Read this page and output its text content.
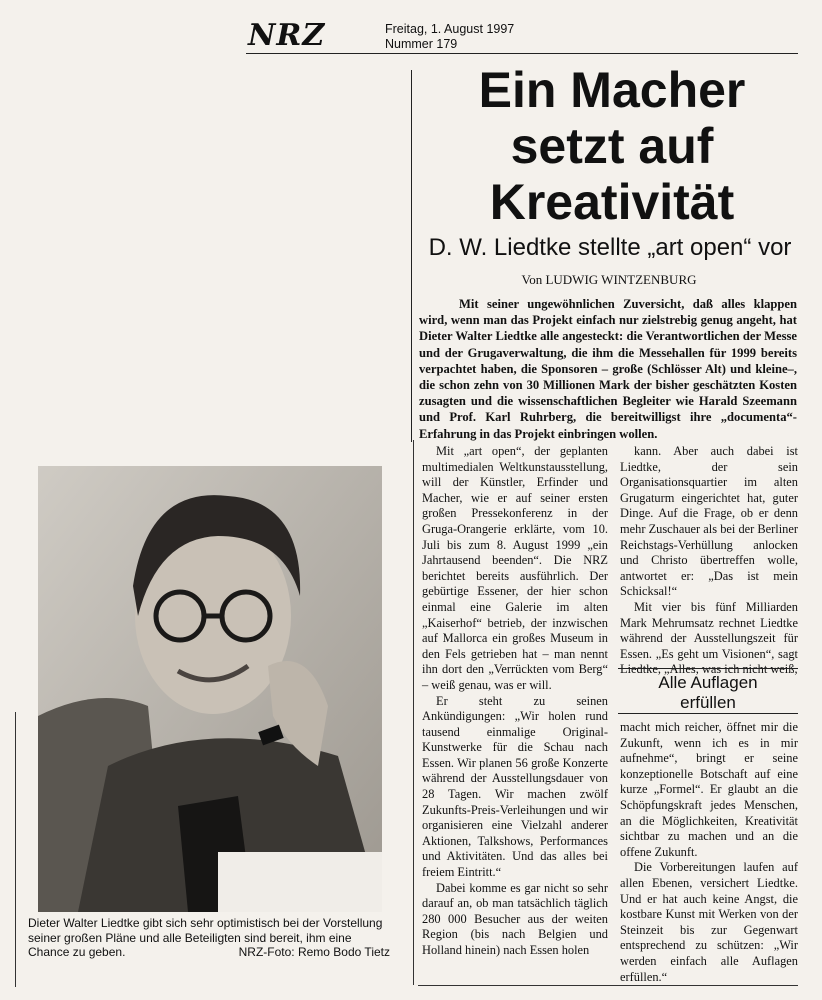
NRZ	Freitag, 1. August 1997
Nummer 179
Ein Macher
setzt auf
Kreativität
D. W. Liedtke stellte „art open“ vor
Von LUDWIG WINTZENBURG
Mit seiner ungewöhnlichen Zuversicht, daß alles klappen wird, wenn man das Projekt einfach nur zielstrebig genug angeht, hat Dieter Walter Liedtke alle angesteckt: die Verantwortlichen der Messe und der Grugaverwaltung, die ihm die Messehallen für 1999 bereits verpachtet haben, die Sponsoren – große (Schlösser Alt) und kleine–, die schon zehn von 30 Millionen Mark der bisher geschätzten Kosten zusagten und die wissenschaftlichen Begleiter wie Harald Szeemann und Prof. Karl Ruhrberg, die bereitwilligst ihre „documenta“-Erfahrung in das Projekt einbringen wollen.

Mit „art open“, der geplanten multimedialen Weltkunstausstellung, will der Künstler, Erfinder und Macher, wie er auf seiner ersten großen Pressekonferenz in der Gruga-Orangerie erklärte, vom 10. Juli bis zum 8. August 1999 „ein Jahrtausend beenden“. Die NRZ berichtet bereits ausführlich. Der gebürtige Essener, der hier schon einmal eine Galerie im alten „Kaiserhof“ betrieb, der inzwischen auf Mallorca ein großes Museum in den Fels getrieben hat – man nennt ihn dort den „Verrückten vom Berg“ – weiß genau, was er will.

Er steht zu seinen Ankündigungen: „Wir holen rund tausend einmalige Original-Kunstwerke für die Schau nach Essen. Wir planen 56 große Konzerte während der Ausstellungsdauer von 28 Tagen. Wir machen zwölf Zukunfts-Preis-Verleihungen und wir organisieren eine Vielzahl anderer Aktionen, Talkshows, Performances und Aktivitäten. Und das alles bei freiem Eintritt.“

Dabei komme es gar nicht so sehr darauf an, ob man tatsächlich täglich 280 000 Besucher aus der weiten Region (bis nach Belgien und Holland hinein) nach Essen holen

kann. Aber auch dabei ist Liedtke, der sein Organisationsquartier im alten Grugaturm eingerichtet hat, guter Dinge. Auf die Frage, ob er denn mehr Zuschauer als bei der Berliner Reichstags-Verhüllung anlocken und Christo übertreffen wolle, antwortet er: „Das ist mein Schicksal!“

Mit vier bis fünf Milliarden Mark Mehrumsatz rechnet Liedtke während der Ausstellungszeit für Essen. „Es geht um Visionen“, sagt Liedtke, „Alles, was ich nicht weiß,

Alle Auflagen
erfüllen

macht mich reicher, öffnet mir die Zukunft, wenn ich es in mir aufnehme“, bringt er seine konzeptionelle Botschaft auf eine kurze „Formel“. Er glaubt an die Schöpfungskraft jedes Menschen, an die Möglichkeiten, Kreativität sichtbar zu machen und an die offene Zukunft.

Die Vorbereitungen laufen auf allen Ebenen, versichert Liedtke. Und er hat auch keine Angst, die kostbare Kunst mit Werken von der Steinzeit bis zur Gegenwart entsprechend zu schützen: „Wir werden einfach alle Auflagen erfüllen.“

Dieter Walter Liedtke gibt sich sehr optimistisch bei der Vorstellung seiner großen Pläne und alle Beteiligten sind bereit, ihm eine Chance zu geben.	NRZ-Foto: Remo Bodo Tietz
